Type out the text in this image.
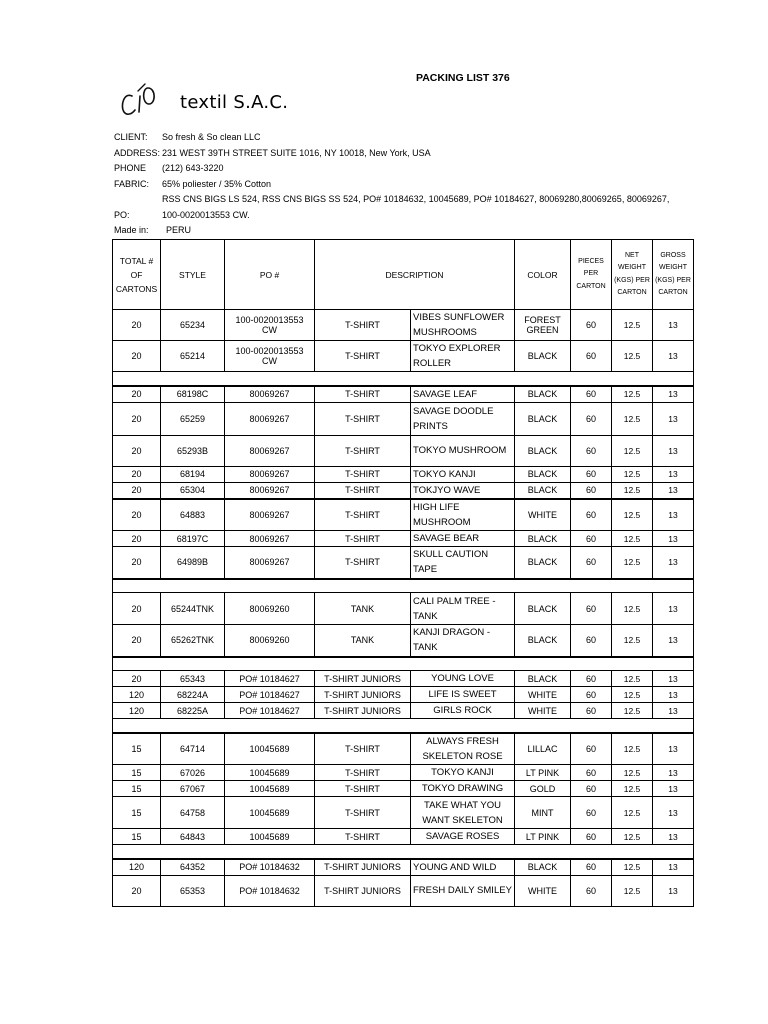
textil S.A.C.
PACKING LIST 376
CLIENT:	So fresh & So clean LLC
ADDRESS: 231 WEST 39TH STREET SUITE 1016, NY 10018, New York, USA
PHONE	(212) 643-3220
FABRIC:	65% poliester / 35% Cotton
RSS CNS BIGS LS 524, RSS CNS BIGS SS 524, PO# 10184632, 10045689, PO# 10184627, 80069280,80069265, 80069267,
PO:	100-0020013553 CW.
Made in:	PERU
TOTAL # OF CARTONS	STYLE	PO #	DESCRIPTION		COLOR	PIECES PER CARTON	NET WEIGHT (KGS) PER CARTON	GROSS WEIGHT (KGS) PER CARTON
20	65234	100-0020013553 CW	T-SHIRT	VIBES SUNFLOWER MUSHROOMS	FOREST GREEN	60	12.5	13
20	65214	100-0020013553 CW	T-SHIRT	TOKYO EXPLORER ROLLER	BLACK	60	12.5	13

20	68198C	80069267	T-SHIRT	SAVAGE LEAF	BLACK	60	12.5	13
20	65259	80069267	T-SHIRT	SAVAGE DOODLE PRINTS	BLACK	60	12.5	13
20	65293B	80069267	T-SHIRT	TOKYO MUSHROOM	BLACK	60	12.5	13
20	68194	80069267	T-SHIRT	TOKYO KANJI	BLACK	60	12.5	13
20	65304	80069267	T-SHIRT	TOKJYO WAVE	BLACK	60	12.5	13
20	64883	80069267	T-SHIRT	HIGH LIFE MUSHROOM	WHITE	60	12.5	13
20	68197C	80069267	T-SHIRT	SAVAGE BEAR	BLACK	60	12.5	13
20	64989B	80069267	T-SHIRT	SKULL CAUTION TAPE	BLACK	60	12.5	13

20	65244TNK	80069260	TANK	CALI PALM TREE - TANK	BLACK	60	12.5	13
20	65262TNK	80069260	TANK	KANJI DRAGON - TANK	BLACK	60	12.5	13

20	65343	PO# 10184627	T-SHIRT JUNIORS	YOUNG LOVE	BLACK	60	12.5	13
120	68224A	PO# 10184627	T-SHIRT JUNIORS	LIFE IS SWEET	WHITE	60	12.5	13
120	68225A	PO# 10184627	T-SHIRT JUNIORS	GIRLS ROCK	WHITE	60	12.5	13

15	64714	10045689	T-SHIRT	ALWAYS FRESH SKELETON ROSE	LILLAC	60	12.5	13
15	67026	10045689	T-SHIRT	TOKYO KANJI	LT PINK	60	12.5	13
15	67067	10045689	T-SHIRT	TOKYO DRAWING	GOLD	60	12.5	13
15	64758	10045689	T-SHIRT	TAKE WHAT YOU WANT SKELETON	MINT	60	12.5	13
15	64843	10045689	T-SHIRT	SAVAGE ROSES	LT PINK	60	12.5	13

120	64352	PO# 10184632	T-SHIRT JUNIORS	YOUNG AND WILD	BLACK	60	12.5	13
20	65353	PO# 10184632	T-SHIRT JUNIORS	FRESH DAILY SMILEY	WHITE	60	12.5	13
